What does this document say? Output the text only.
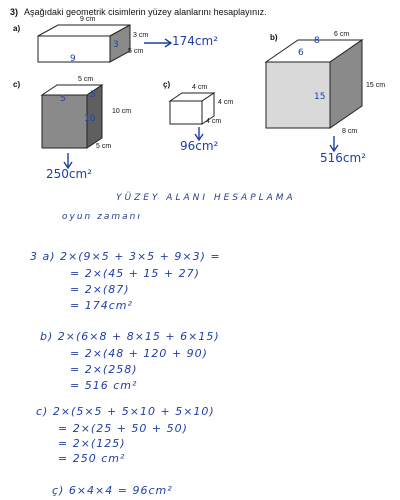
3) Aşağıdaki geometrik cisimlerin yüzey alanlarını hesaplayınız.
a)
9 cm
3 cm
5 cm
3
9
174cm²	b)	6 cm
15 cm
8 cm
8
6
15
516cm²
c)
5 cm
10 cm
5 cm
5	5
10
250cm²
ç)	4 cm
4 cm
4 cm
96cm²
YÜZEY ALANI HESAPLAMA
oyun zamanı
3 a) 2×(9×5 + 3×5 + 9×3) =
= 2×(45 + 15 + 27)
= 2×(87)
= 174cm²
b) 2×(6×8 + 8×15 + 6×15)
= 2×(48 + 120 + 90)
= 2×(258)
= 516 cm²
c) 2×(5×5 + 5×10 + 5×10)
= 2×(25 + 50 + 50)
= 2×(125)
= 250 cm²
ç) 6×4×4 = 96cm²
